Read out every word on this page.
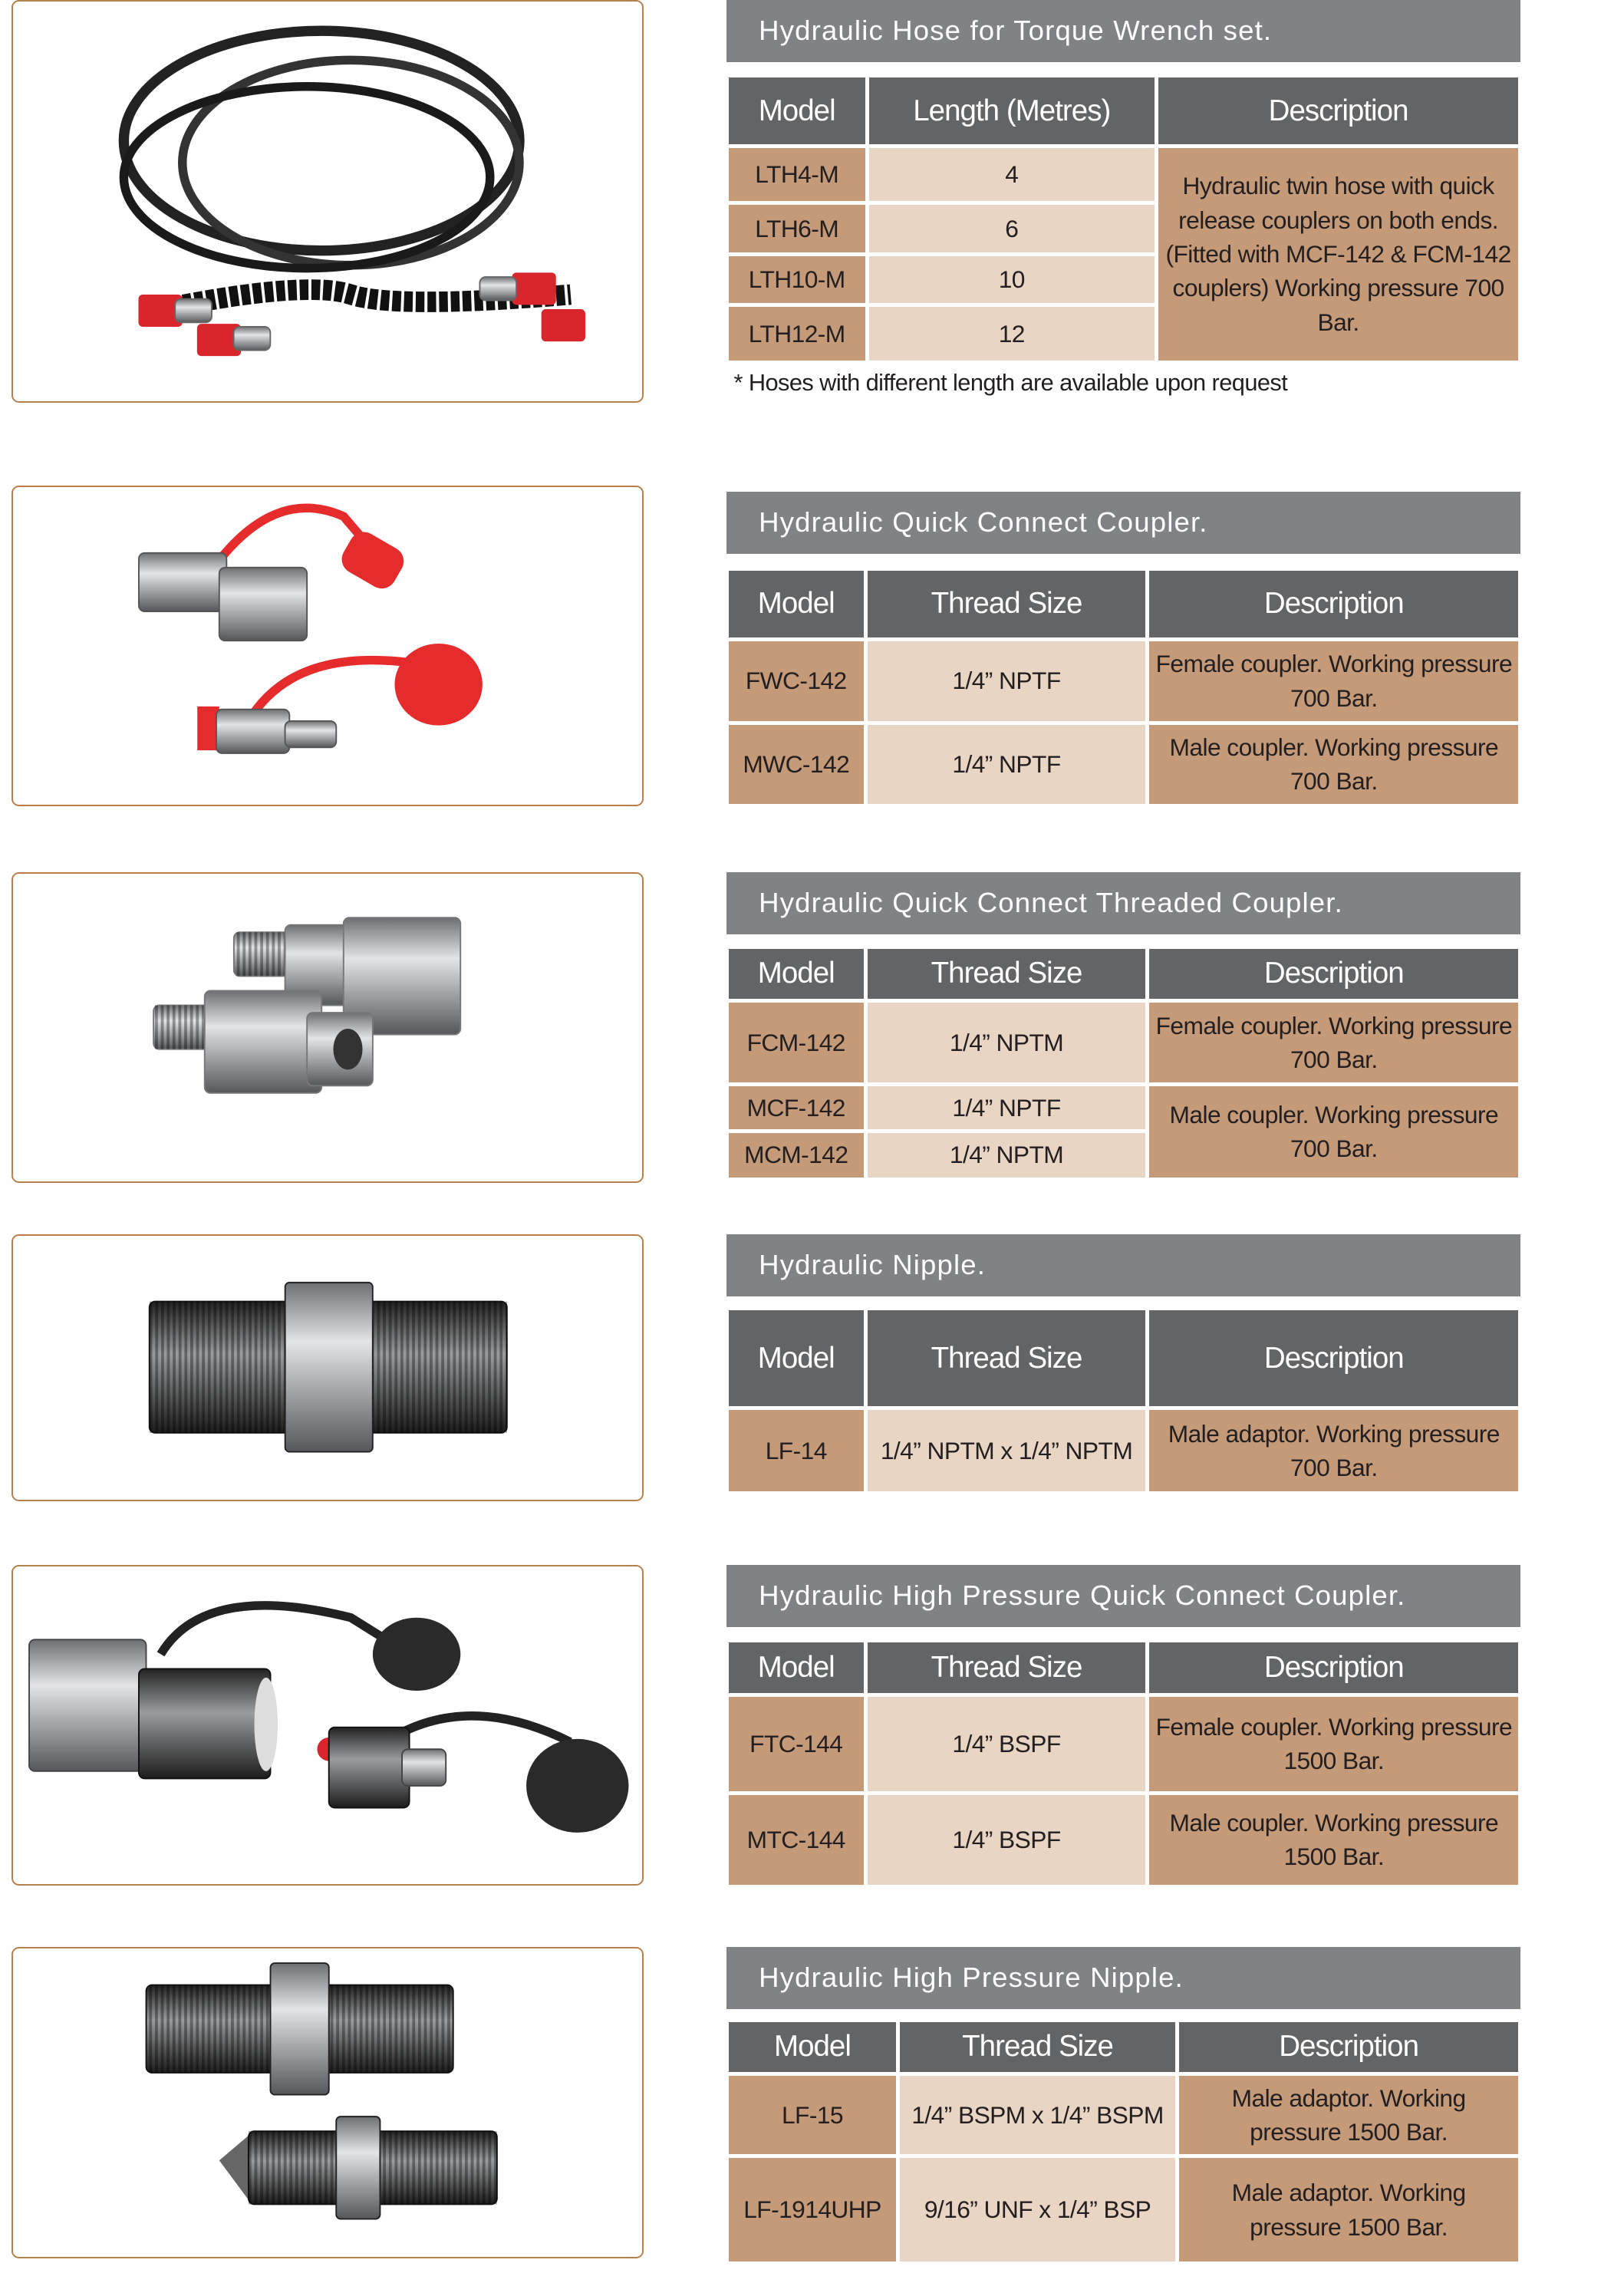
Hydraulic Hose for Torque Wrench set.
Model	Length (Metres)	Description
LTH4-M	4	Hydraulic twin hose with quick release couplers on both ends. (Fitted with MCF-142 & FCM-142 couplers) Working pressure 700 Bar.
LTH6-M	6	
LTH10-M	10	
LTH12-M	12	
* Hoses with different length are available upon request
Hydraulic Quick Connect Coupler.
Model	Thread Size	Description
FWC-142	1/4” NPTF	Female coupler. Working pressure 700 Bar.
MWC-142	1/4” NPTF	Male coupler. Working pressure 700 Bar.
Hydraulic Quick Connect Threaded Coupler.
Model	Thread Size	Description
FCM-142	1/4” NPTM	Female coupler. Working pressure 700 Bar.
MCF-142	1/4” NPTF	Male coupler. Working pressure 700 Bar.
MCM-142	1/4” NPTM	
Hydraulic Nipple.
Model	Thread Size	Description
LF-14	1/4” NPTM x 1/4” NPTM	Male adaptor. Working pressure 700 Bar.
Hydraulic High Pressure Quick Connect Coupler.
Model	Thread Size	Description
FTC-144	1/4” BSPF	Female coupler. Working pressure 1500 Bar.
MTC-144	1/4” BSPF	Male coupler. Working pressure 1500 Bar.
Hydraulic High Pressure Nipple.
Model	Thread Size	Description
LF-15	1/4” BSPM x 1/4” BSPM	Male adaptor. Working pressure 1500 Bar.
LF-1914UHP	9/16” UNF x 1/4” BSP	Male adaptor. Working pressure 1500 Bar.
